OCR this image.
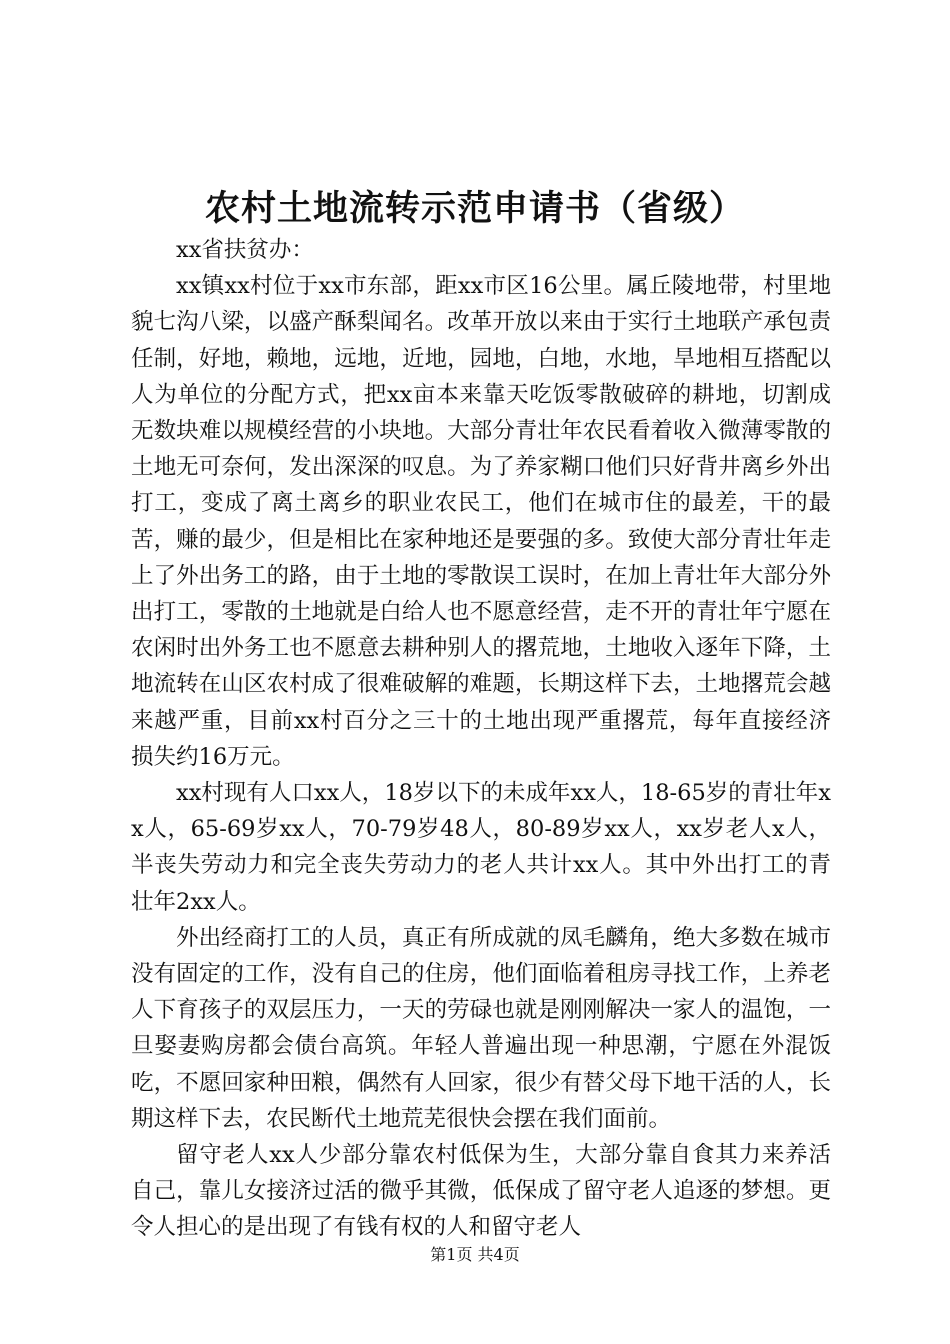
农村土地流转示范申请书（省级）

xx省扶贫办：

xx镇xx村位于xx市东部，距xx市区16公里。属丘陵地带，村里地貌七沟八梁，以盛产酥梨闻名。改革开放以来由于实行土地联产承包责任制，好地，赖地，远地，近地，园地，白地，水地，旱地相互搭配以人为单位的分配方式，把xx亩本来靠天吃饭零散破碎的耕地，切割成无数块难以规模经营的小块地。大部分青壮年农民看着收入微薄零散的土地无可奈何，发出深深的叹息。为了养家糊口他们只好背井离乡外出打工，变成了离土离乡的职业农民工，他们在城市住的最差，干的最苦，赚的最少，但是相比在家种地还是要强的多。致使大部分青壮年走上了外出务工的路，由于土地的零散误工误时，在加上青壮年大部分外出打工，零散的土地就是白给人也不愿意经营，走不开的青壮年宁愿在农闲时出外务工也不愿意去耕种别人的撂荒地，土地收入逐年下降，土地流转在山区农村成了很难破解的难题，长期这样下去，土地撂荒会越来越严重，目前xx村百分之三十的土地出现严重撂荒，每年直接经济损失约16万元。

xx村现有人口xx人，18岁以下的未成年xx人，18-65岁的青壮年xx人，65-69岁xx人，70-79岁48人，80-89岁xx人，xx岁老人x人，半丧失劳动力和完全丧失劳动力的老人共计xx人。其中外出打工的青壮年2xx人。

外出经商打工的人员，真正有所成就的凤毛麟角，绝大多数在城市没有固定的工作，没有自己的住房，他们面临着租房寻找工作，上养老人下育孩子的双层压力，一天的劳碌也就是刚刚解决一家人的温饱，一旦娶妻购房都会债台高筑。年轻人普遍出现一种思潮，宁愿在外混饭吃，不愿回家种田粮，偶然有人回家，很少有替父母下地干活的人，长期这样下去，农民断代土地荒芜很快会摆在我们面前。

留守老人xx人少部分靠农村低保为生，大部分靠自食其力来养活自己，靠儿女接济过活的微乎其微，低保成了留守老人追逐的梦想。更令人担心的是出现了有钱有权的人和留守老人

第1页 共4页
